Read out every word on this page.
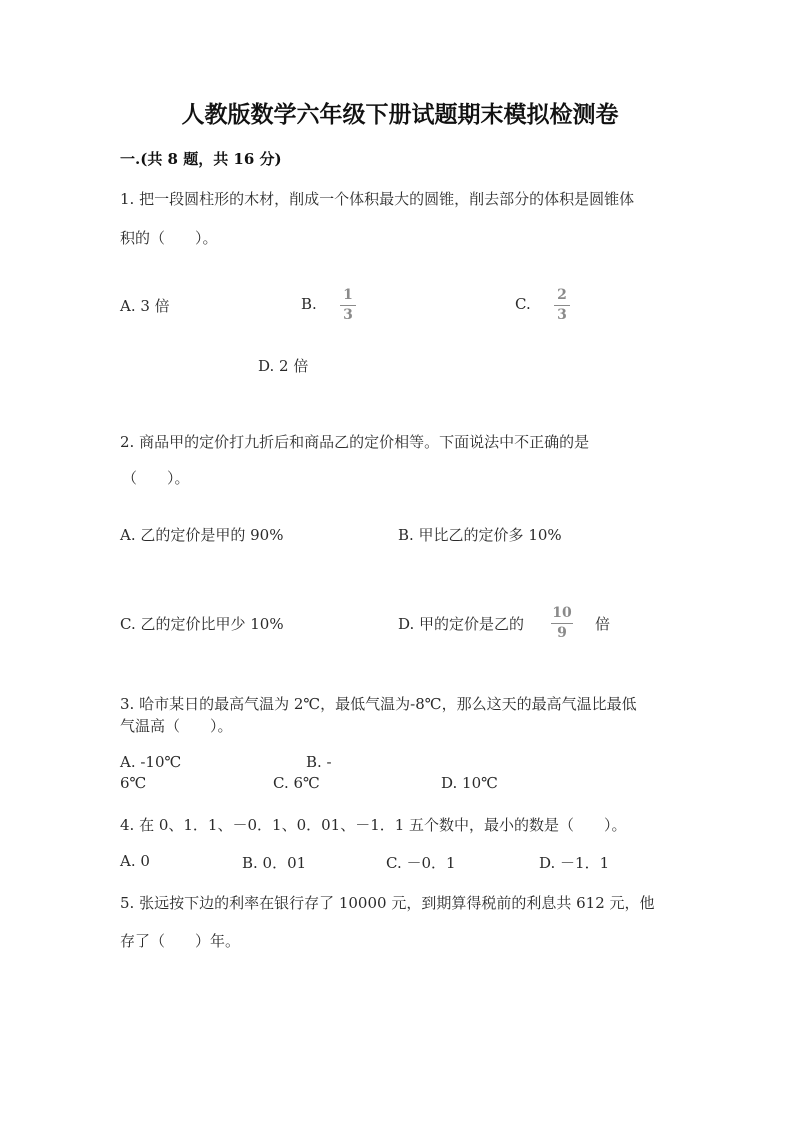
人教版数学六年级下册试题期末模拟检测卷
一.(共 8 题，共 16 分)
1. 把一段圆柱形的木材，削成一个体积最大的圆锥，削去部分的体积是圆锥体
积的（　　）。
A. 3 倍	B. 1
3
C. 2
3
D. 2 倍
2. 商品甲的定价打九折后和商品乙的定价相等。下面说法中不正确的是
（　　）。
A. 乙的定价是甲的 90%	B. 甲比乙的定价多 10%
C. 乙的定价比甲少 10%	D. 甲的定价是乙的
10
9 倍
3. 哈市某日的最高气温为 2℃，最低气温为-8℃，那么这天的最高气温比最低
气温高（　　）。
A. -10℃	B. -
6℃	C. 6℃	D. 10℃
4. 在 0、1．1、－0．1、0．01、－1．1 五个数中，最小的数是（　　）。
A. 0	B. 0．01	C. －0．1	D. －1．1
5. 张远按下边的利率在银行存了 10000 元，到期算得税前的利息共 612 元，他
存了（　　）年。
